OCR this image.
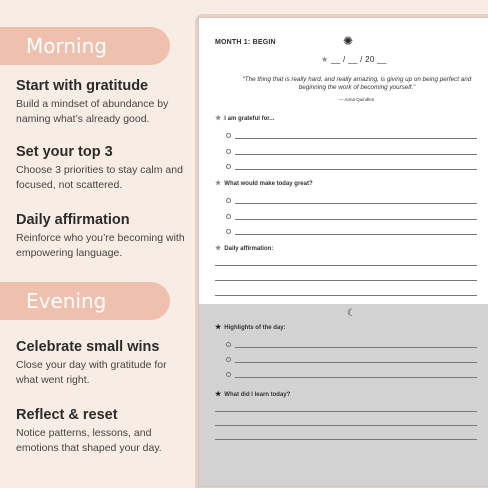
Morning
Start with gratitude

Build a mindset of abundance by naming what’s already good.

Set your top 3

Choose 3 priorities to stay calm and focused, not scattered.

Daily affirmation

Reinforce who you’re becoming with empowering language.

Evening
Celebrate small wins

Close your day with gratitude for what went right.

Reflect & reset

Notice patterns, lessons, and emotions that shaped your day.

MONTH 1: BEGIN	✺
★ __ / __ / 20 __
“The thing that is really hard, and really amazing, is giving up on being perfect and beginning the work of becoming yourself.”
— Anna Quindlen
★ I am grateful for...
★ What would make today great?
★ Daily affirmation:
☾
★ Highlights of the day:
★ What did I learn today?
